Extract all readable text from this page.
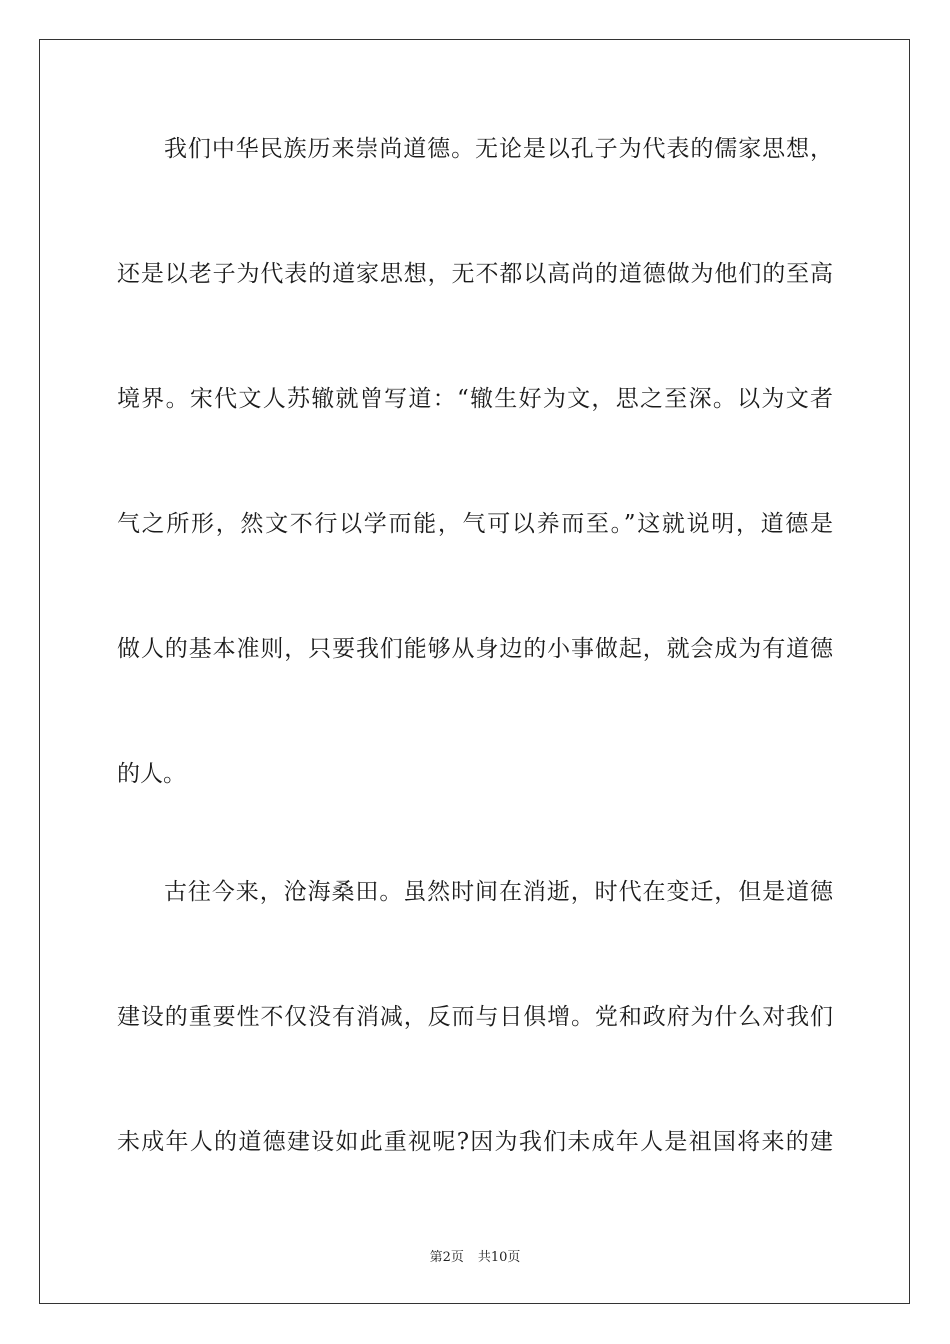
我们中华民族历来崇尚道德。无论是以孔子为代表的儒家思想，
还是以老子为代表的道家思想，无不都以高尚的道德做为他们的至高
境界。宋代文人苏辙就曾写道：“辙生好为文，思之至深。以为文者
气之所形，然文不行以学而能，气可以养而至。”这就说明，道德是
做人的基本准则，只要我们能够从身边的小事做起，就会成为有道德
的人。
古往今来，沧海桑田。虽然时间在消逝，时代在变迁，但是道德
建设的重要性不仅没有消减，反而与日俱增。党和政府为什么对我们
未成年人的道德建设如此重视呢?因为我们未成年人是祖国将来的建
第2页 共10页
